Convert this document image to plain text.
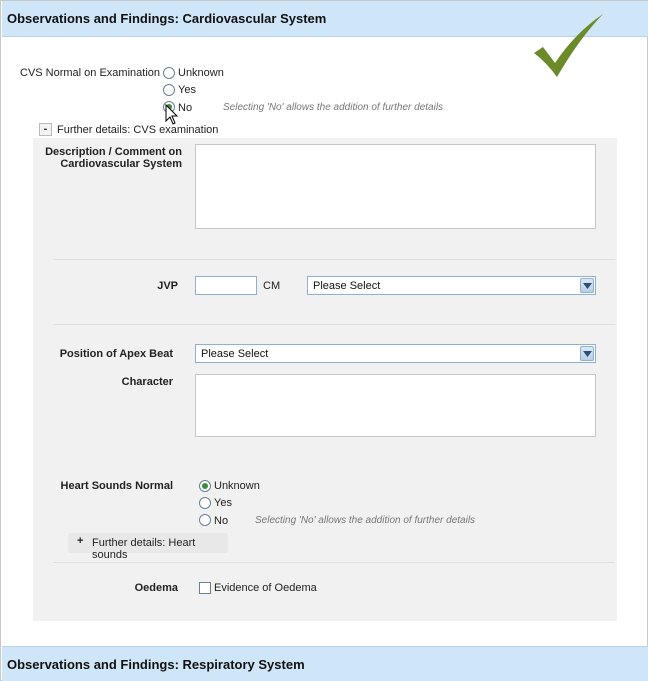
Observations and Findings: Cardiovascular System
CVS Normal on Examination Unknown
Yes
No	Selecting 'No' allows the addition of further details
- Further details: CVS examination
Description / Comment on
Cardiovascular System
JVP	CM	Please Select
Position of Apex Beat	Please Select
Character
Heart Sounds Normal	Unknown
Yes
No	Selecting 'No' allows the addition of further details
+ Further details: Heart sounds
Oedema	Evidence of Oedema
Observations and Findings: Respiratory System
